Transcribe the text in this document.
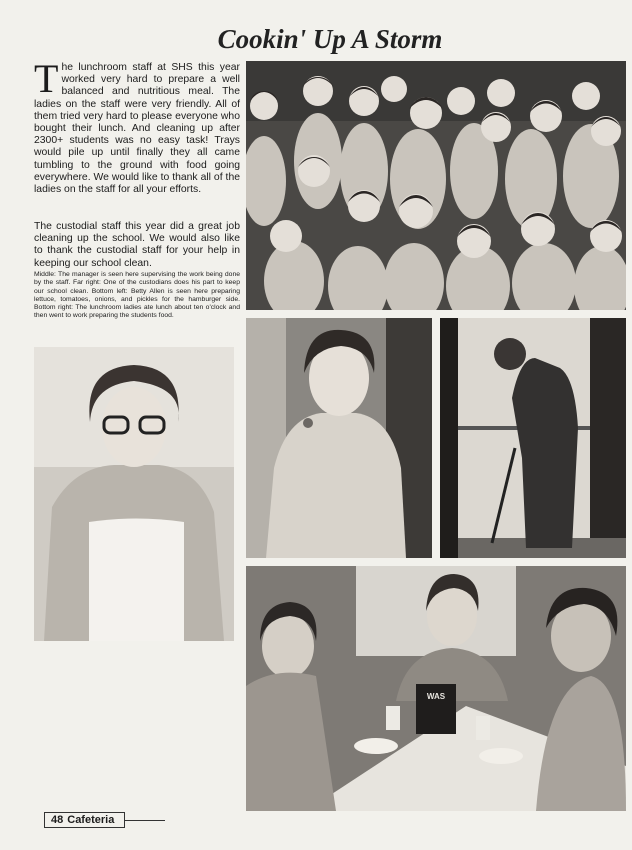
Cookin' Up A Storm
The lunchroom staff at SHS this year worked very hard to prepare a well balanced and nutritious meal. The ladies on the staff were very friendly. All of them tried very hard to please everyone who bought their lunch. And cleaning up after 2300+ students was no easy task! Trays would pile up until finally they all came tumbling to the ground with food going everywhere. We would like to thank all of the ladies on the staff for all your efforts.
The custodial staff this year did a great job cleaning up the school. We would also like to thank the custodial staff for your help in keeping our school clean.
Middle: The manager is seen here supervising the work being done by the staff. Far right: One of the custodians does his part to keep our school clean. Bottom left: Betty Allen is seen here preparing lettuce, tomatoes, onions, and pickles for the hamburger side. Bottom right: The lunchroom ladies ate lunch about ten o'clock and then went to work preparing the students food.
WAS
48 Cafeteria
